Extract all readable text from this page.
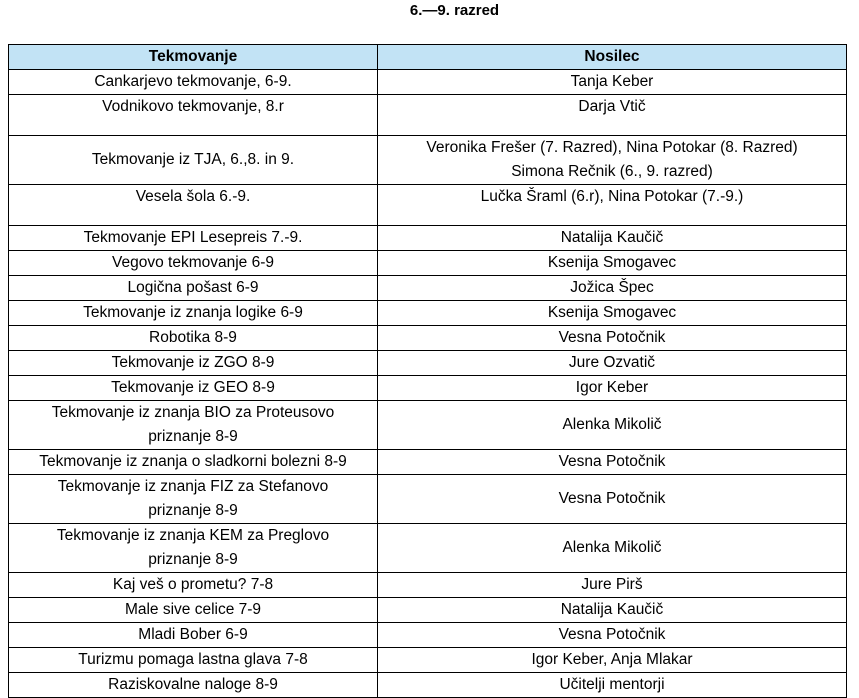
6.—9. razred
Tekmovanje	Nosilec
Cankarjevo tekmovanje, 6-9.	Tanja Keber
Vodnikovo tekmovanje, 8.r	Darja Vtič
Tekmovanje iz TJA, 6.,8. in 9.	Veronika Frešer (7. Razred), Nina Potokar (8. Razred)
Simona Rečnik (6., 9. razred)
Vesela šola 6.-9.	Lučka Šraml (6.r), Nina Potokar (7.-9.)
Tekmovanje EPI Lesepreis 7.-9.	Natalija Kaučič
Vegovo tekmovanje 6-9	Ksenija Smogavec
Logična pošast 6-9	Jožica Špec
Tekmovanje iz znanja logike 6-9	Ksenija Smogavec
Robotika 8-9	Vesna Potočnik
Tekmovanje iz ZGO 8-9	Jure Ozvatič
Tekmovanje iz GEO 8-9	Igor Keber
Tekmovanje iz znanja BIO za Proteusovo
priznanje 8-9	Alenka Mikolič
Tekmovanje iz znanja o sladkorni bolezni 8-9	Vesna Potočnik
Tekmovanje iz znanja FIZ za Stefanovo
priznanje 8-9	Vesna Potočnik
Tekmovanje iz znanja KEM za Preglovo
priznanje 8-9	Alenka Mikolič
Kaj veš o prometu? 7-8	Jure Pirš
Male sive celice 7-9	Natalija Kaučič
Mladi Bober 6-9	Vesna Potočnik
Turizmu pomaga lastna glava 7-8	Igor Keber, Anja Mlakar
Raziskovalne naloge 8-9	Učitelji mentorji
